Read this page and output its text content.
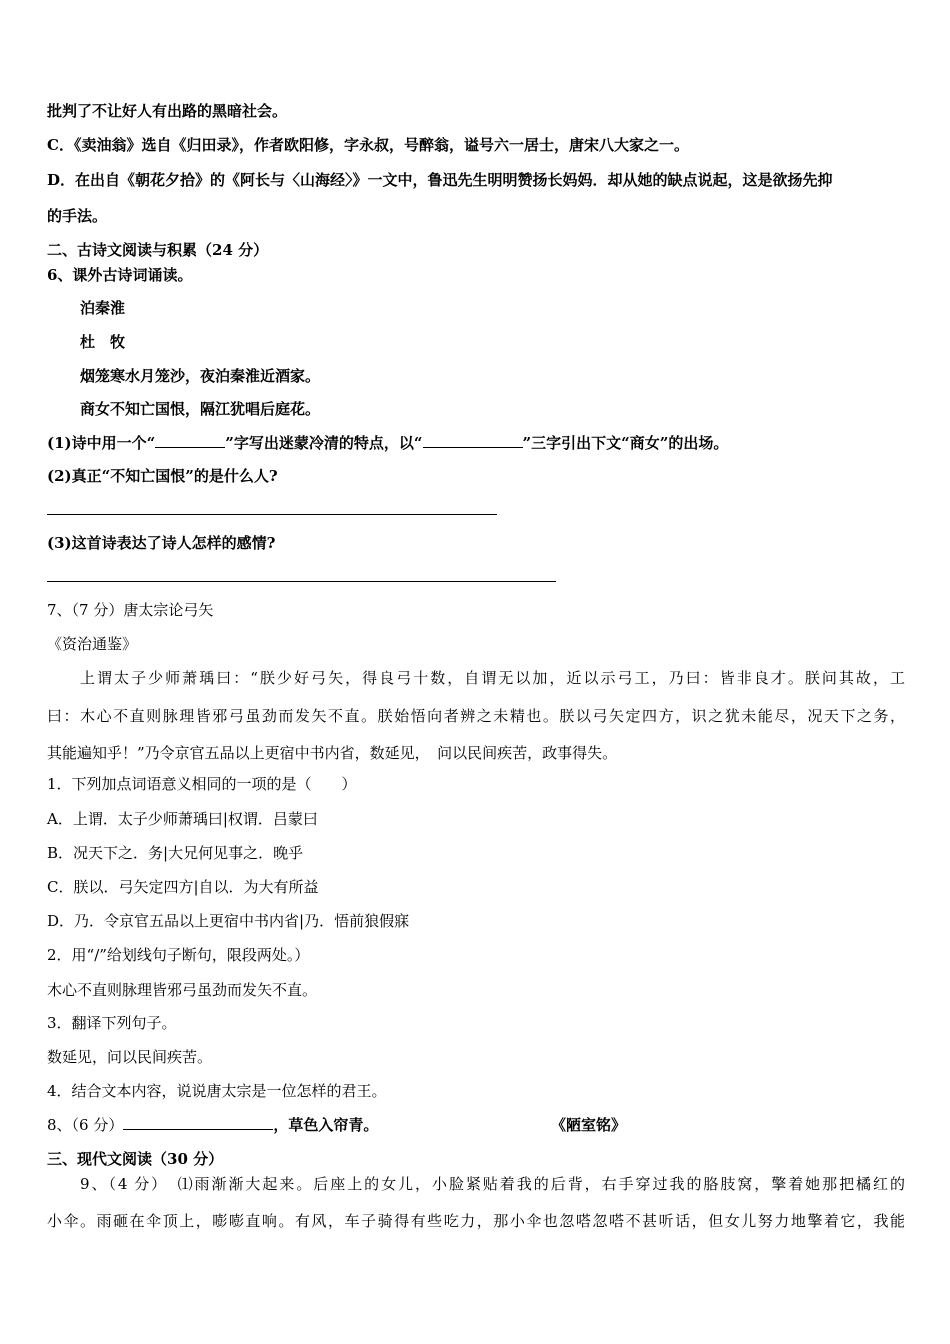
批判了不让好人有出路的黑暗社会。
C．《卖油翁》选自《归田录》，作者欧阳修，字永叔，号醉翁，谥号六一居士，唐宋八大家之一。
D．在出自《朝花夕拾》的《阿长与〈山海经〉》一文中，鲁迅先生明明赞扬长妈妈．却从她的缺点说起，这是欲扬先抑
的手法。
二、古诗文阅读与积累（24 分）
6、课外古诗词诵读。
泊秦淮
杜　牧
烟笼寒水月笼沙，夜泊秦淮近酒家。
商女不知亡国恨，隔江犹唱后庭花。
(1)诗中用一个“	”字写出迷蒙冷清的特点，以“	”三字引出下文“商女”的出场。
(2)真正“不知亡国恨”的是什么人?
(3)这首诗表达了诗人怎样的感情?
7、（7 分）唐太宗论弓矢
《资治通鉴》
上谓太子少师萧瑀曰：“朕少好弓矢，得良弓十数，自谓无以加，近以示弓工，乃曰：皆非良才。朕问其故，工
曰：木心不直则脉理皆邪弓虽劲而发矢不直。朕始悟向者辨之未精也。朕以弓矢定四方，识之犹未能尽，况天下之务，
其能遍知乎！”乃令京官五品以上更宿中书内省，数延见，　问以民间疾苦，政事得失。
1．下列加点词语意义相同的一项的是（　　）
A．上谓．太子少师萧瑀曰|权谓．吕蒙曰
B．况天下之．务|大兄何见事之．晚乎
C．朕以．弓矢定四方|自以．为大有所益
D．乃．令京官五品以上更宿中书内省|乃．悟前狼假寐
2．用“/”给划线句子断句，限段两处。）
木心不直则脉理皆邪弓虽劲而发矢不直。
3．翻译下列句子。
数延见，问以民间疾苦。
4．结合文本内容，说说唐太宗是一位怎样的君王。
8、（6 分）	，草色入帘青。	《陋室铭》
三、现代文阅读（30 分）
9、（4 分）　⑴雨渐渐大起来。后座上的女儿，小脸紧贴着我的后背，右手穿过我的胳肢窝，擎着她那把橘红的
小伞。雨砸在伞顶上，嘭嘭直响。有风，车子骑得有些吃力，那小伞也忽嗒忽嗒不甚听话，但女儿努力地擎着它，我能
